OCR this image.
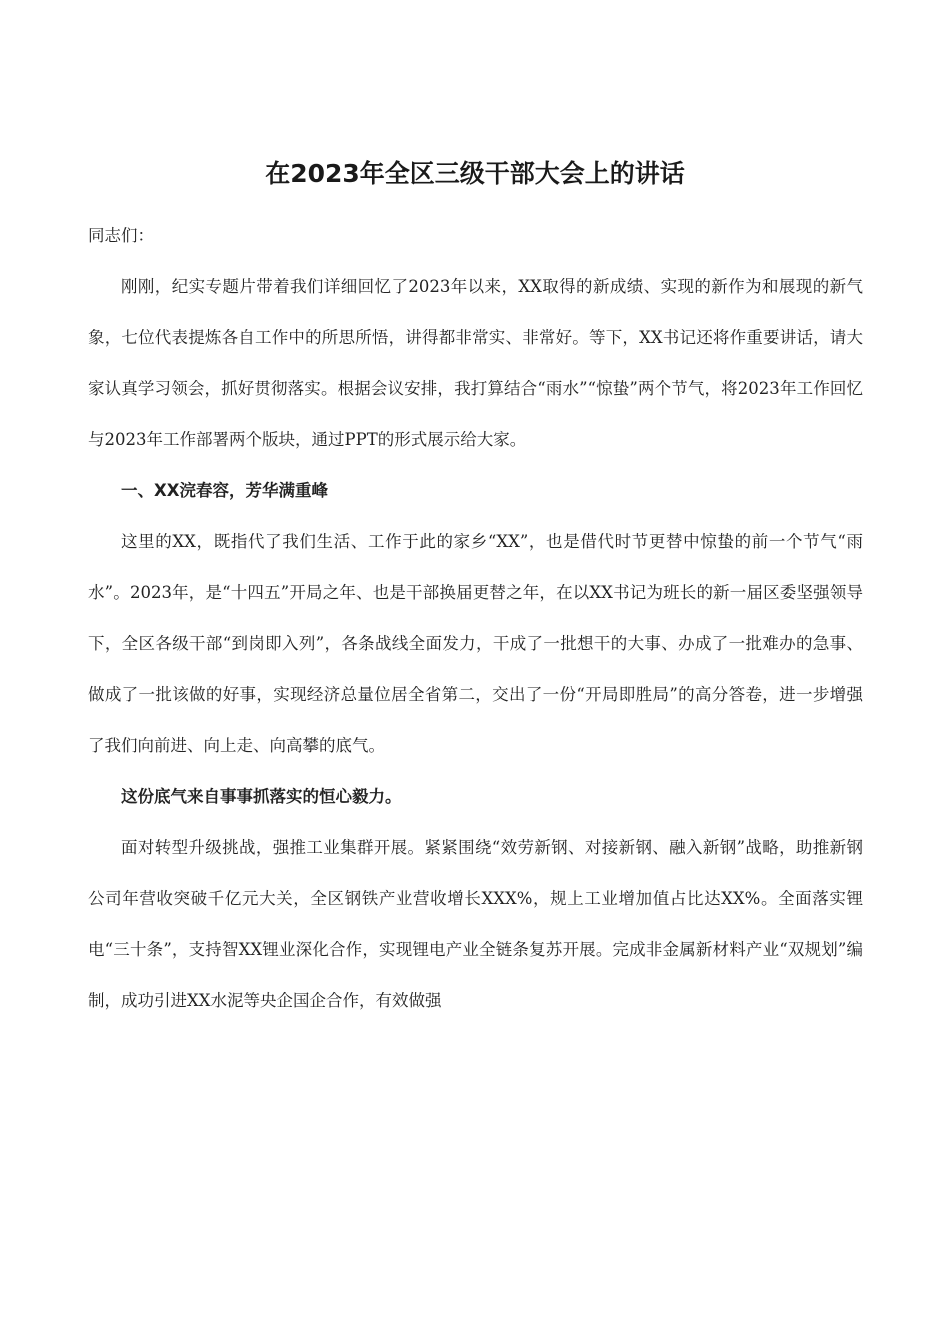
在2023年全区三级干部大会上的讲话

同志们：

刚刚，纪实专题片带着我们详细回忆了2023年以来，XX取得的新成绩、实现的新作为和展现的新气象，七位代表提炼各自工作中的所思所悟，讲得都非常实、非常好。等下，XX书记还将作重要讲话，请大家认真学习领会，抓好贯彻落实。根据会议安排，我打算结合“雨水”“惊蛰”两个节气，将2023年工作回忆与2023年工作部署两个版块，通过PPT的形式展示给大家。

一、XX浣春容，芳华满重峰

这里的XX，既指代了我们生活、工作于此的家乡“XX”，也是借代时节更替中惊蛰的前一个节气“雨水”。2023年，是“十四五”开局之年、也是干部换届更替之年，在以XX书记为班长的新一届区委坚强领导下，全区各级干部“到岗即入列”，各条战线全面发力，干成了一批想干的大事、办成了一批难办的急事、做成了一批该做的好事，实现经济总量位居全省第二，交出了一份“开局即胜局”的高分答卷，进一步增强了我们向前进、向上走、向高攀的底气。

这份底气来自事事抓落实的恒心毅力。

面对转型升级挑战，强推工业集群开展。紧紧围绕“效劳新钢、对接新钢、融入新钢”战略，助推新钢公司年营收突破千亿元大关，全区钢铁产业营收增长XXX%，规上工业增加值占比达XX%。全面落实锂电“三十条”，支持智XX锂业深化合作，实现锂电产业全链条复苏开展。完成非金属新材料产业“双规划”编制，成功引进XX水泥等央企国企合作，有效做强
